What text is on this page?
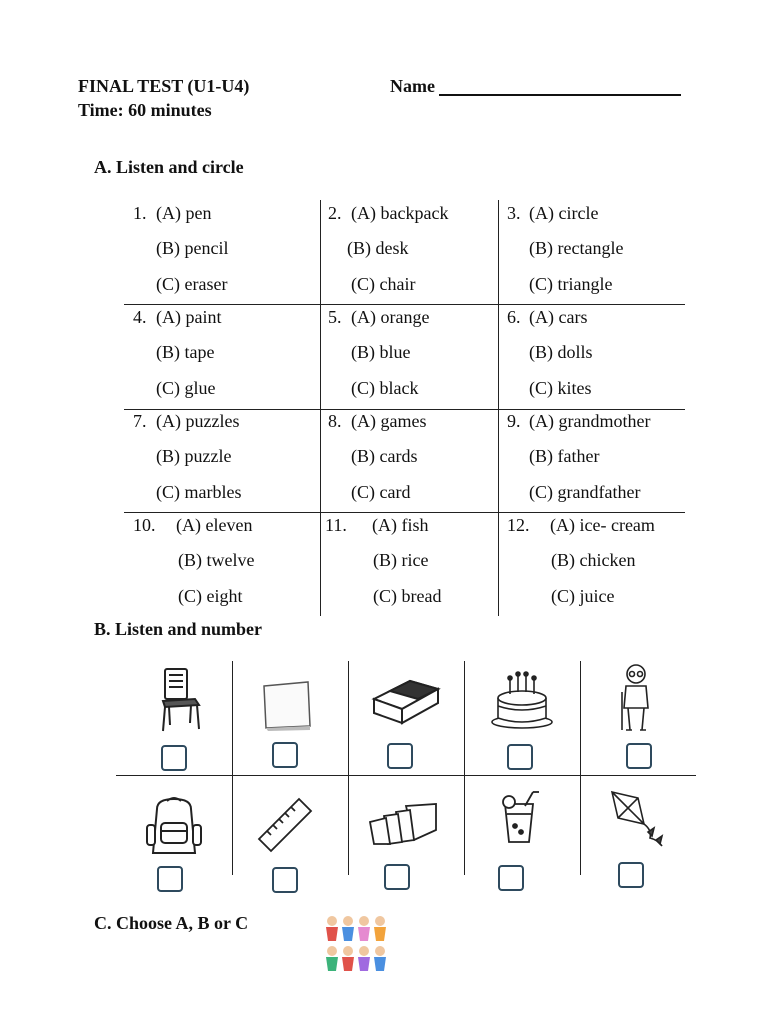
FINAL TEST (U1-U4)	Name
Time: 60 minutes
A. Listen and circle
1. (A) pen
(B) pencil
(C) eraser
2. (A) backpack
(B) desk
(C) chair
3. (A) circle
(B) rectangle
(C) triangle
4. (A) paint
(B) tape
(C) glue
5. (A) orange
(B) blue
(C) black
6. (A) cars
(B) dolls
(C) kites
7. (A) puzzles
(B) puzzle
(C) marbles
8. (A) games
(B) cards
(C) card
9. (A) grandmother
(B) father
(C) grandfather
10. (A) eleven
(B) twelve
(C) eight
11. (A) fish
(B) rice
(C) bread
12. (A) ice- cream
(B) chicken
(C) juice
B. Listen and number
C. Choose A, B or C
